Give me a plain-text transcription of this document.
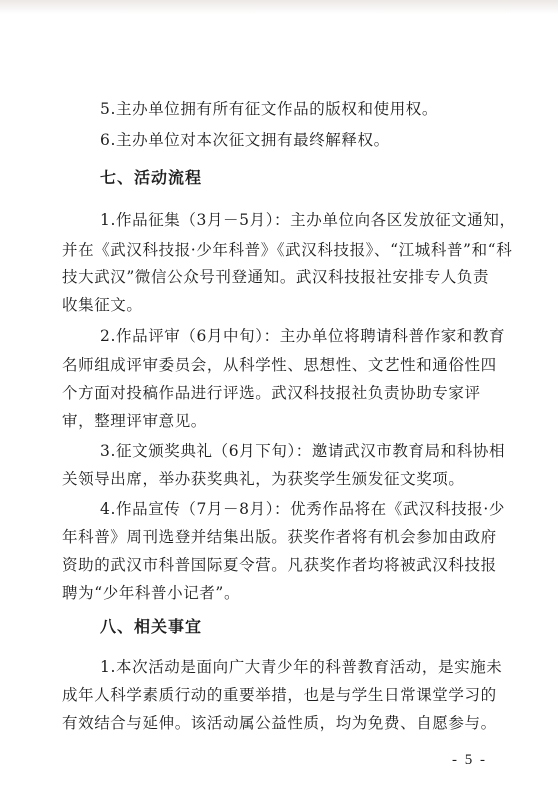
5.主办单位拥有所有征文作品的版权和使用权。
6.主办单位对本次征文拥有最终解释权。
七、活动流程
1.作品征集（3月－5月）：主办单位向各区发放征文通知，
并在《武汉科技报·少年科普》《武汉科技报》、“江城科普”和“科
技大武汉”微信公众号刊登通知。武汉科技报社安排专人负责
收集征文。
2.作品评审（6月中旬）：主办单位将聘请科普作家和教育
名师组成评审委员会，从科学性、思想性、文艺性和通俗性四
个方面对投稿作品进行评选。武汉科技报社负责协助专家评
审，整理评审意见。
3.征文颁奖典礼（6月下旬）：邀请武汉市教育局和科协相
关领导出席，举办获奖典礼，为获奖学生颁发征文奖项。
4.作品宣传（7月－8月）：优秀作品将在《武汉科技报·少
年科普》周刊选登并结集出版。获奖作者将有机会参加由政府
资助的武汉市科普国际夏令营。凡获奖作者均将被武汉科技报
聘为“少年科普小记者”。
八、相关事宜
1.本次活动是面向广大青少年的科普教育活动，是实施未
成年人科学素质行动的重要举措，也是与学生日常课堂学习的
有效结合与延伸。该活动属公益性质，均为免费、自愿参与。
- 5 -
